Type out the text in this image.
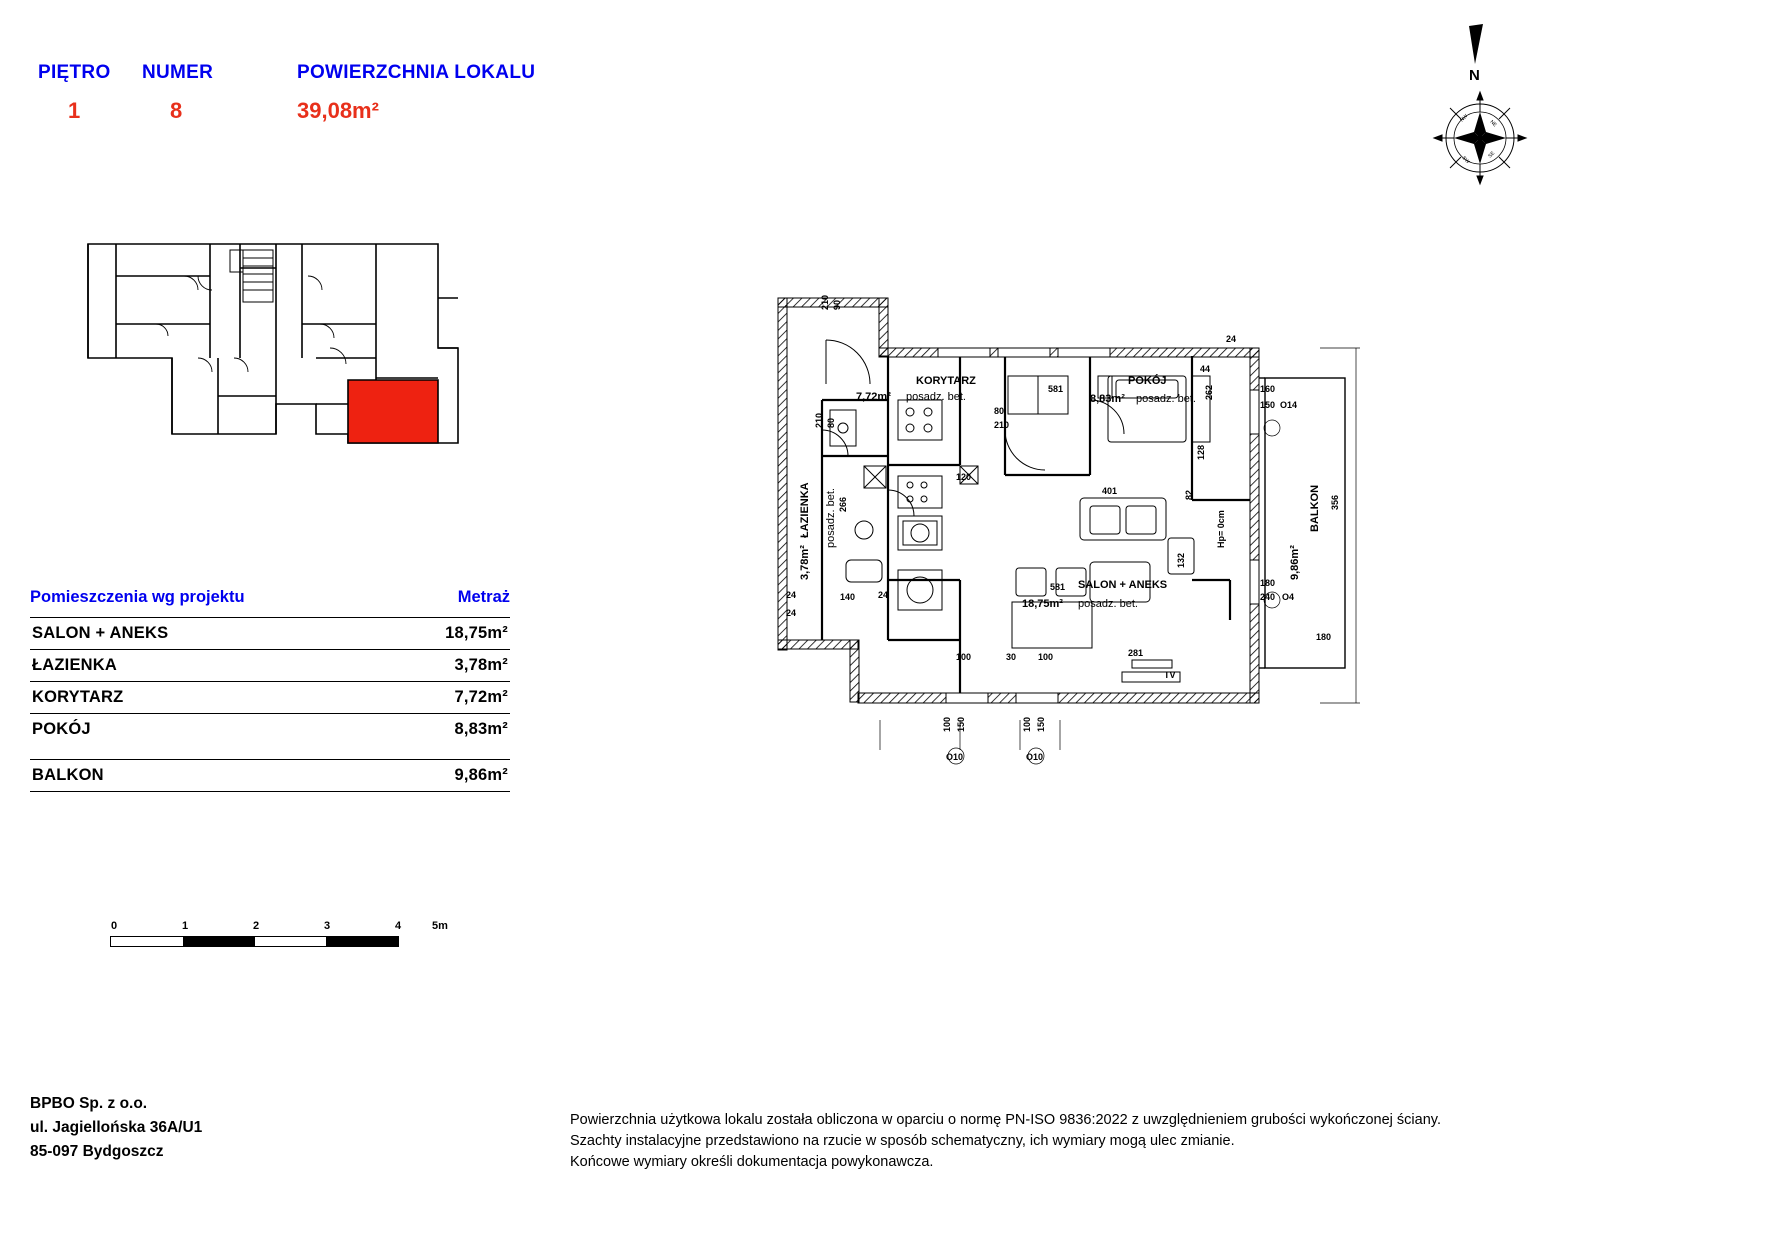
PIĘTRO	NUMER	POWIERZCHNIA LOKALU
1	8	39,08m²
N
NW
NE
SW
SE
Pomieszczenia wg projektu	Metraż
SALON + ANEKS	18,75m²
ŁAZIENKA	3,78m²
KORYTARZ	7,72m²
POKÓJ	8,83m²
BALKON	9,86m²
0	1	2	3	4	5m
BPBO Sp. z o.o.
ul. Jagiellońska 36A/U1
85-097 Bydgoszcz
Powierzchnia użytkowa lokalu została obliczona w oparciu o normę PN-ISO 9836:2022 z uwzględnieniem grubości wykończonej ściany.
Szachty instalacyjne przedstawiono na rzucie w sposób schematyczny, ich wymiary mogą ulec zmianie.
Końcowe wymiary określi dokumentacja powykonawcza.
KORYTARZ
7,72m² posadz. bet.
POKÓJ
8,83m² posadz. bet.
SALON + ANEKS
18,75m² posadz. bet.
ŁAZIENKA posadz. bet.
3,78m²
BALKON
9,86m²
210 90
210 80
24
44
262	160
150 O14
581
80
210
128
120
401	82	356
266
140
24
24
24
581
132
Hp= 0cm
180
240 O4
180
100	30 100	281
TV
100 150	100 150
O10	O10
